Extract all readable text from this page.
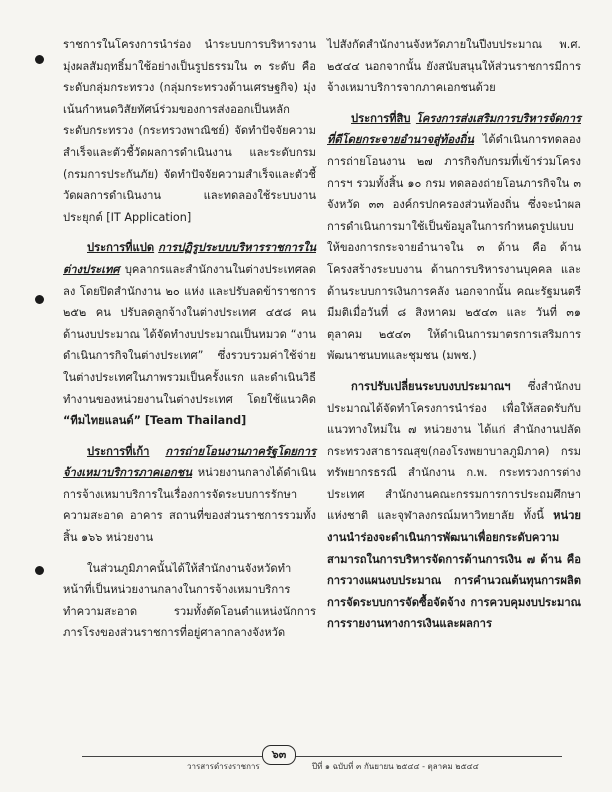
ราชการในโครงการนำร่อง นำระบบการบริหารงานมุ่งผลสัมฤทธิ์มาใช้อย่างเป็นรูปธรรมใน ๓ ระดับ คือ ระดับกลุ่มกระทรวง (กลุ่มกระทรวงด้านเศรษฐกิจ) มุ่งเน้นกำหนดวิสัยทัศน์ร่วมของการส่งออกเป็นหลัก ระดับกระทรวง (กระทรวงพาณิชย์) จัดทำปัจจัยความสำเร็จและตัวชี้วัดผลการดำเนินงาน และระดับกรม (กรมการประกันภัย) จัดทำปัจจัยความสำเร็จและตัวชี้วัดผลการดำเนินงาน และทดลองใช้ระบบงานประยุกต์ [IT Application]

ประการที่แปด การปฏิรูประบบบริหารราชการในต่างประเทศ บุคลากรและสำนักงานในต่างประเทศลดลง โดยปิดสำนักงาน ๒๐ แห่ง และปรับลดข้าราชการ ๒๕๒ คน ปรับลดลูกจ้างในต่างประเทศ ๔๕๘ คน ด้านงบประมาณ ได้จัดทำงบประมาณเป็นหมวด “งานดำเนินการกิจในต่างประเทศ” ซึ่งรวบรวมค่าใช้จ่ายในต่างประเทศในภาพรวมเป็นครั้งแรก และดำเนินวิธีทำงานของหน่วยงานในต่างประเทศ โดยใช้แนวคิด “ทีมไทยแลนด์” [Team Thailand]

ประการที่เก้า การถ่ายโอนงานภาครัฐโดยการจ้างเหมาบริการภาคเอกชน หน่วยงานกลางได้ดำเนินการจ้างเหมาบริการในเรื่องการจัดระบบการรักษาความสะอาด อาคาร สถานที่ของส่วนราชการรวมทั้งสิ้น ๑๖๖ หน่วยงาน

ในส่วนภูมิภาคนั้นได้ให้สำนักงานจังหวัดทำหน้าที่เป็นหน่วยงานกลางในการจ้างเหมาบริการทำความสะอาด รวมทั้งตัดโอนตำแหน่งนักการภารโรงของส่วนราชการที่อยู่ศาลากลางจังหวัด

ไปสังกัดสำนักงานจังหวัดภายในปีงบประมาณ พ.ศ. ๒๕๔๔ นอกจากนั้น ยังสนับสนุนให้ส่วนราชการมีการจ้างเหมาบริการจากภาคเอกชนด้วย

ประการที่สิบ โครงการส่งเสริมการบริหารจัดการที่ดีโดยกระจายอำนาจสู่ท้องถิ่น ได้ดำเนินการทดลองการถ่ายโอนงาน ๒๗ ภารกิจกับกรมที่เข้าร่วมโครงการฯ รวมทั้งสิ้น ๑๐ กรม ทดลองถ่ายโอนภารกิจใน ๓ จังหวัด ๓๓ องค์กรปกครองส่วนท้องถิ่น ซึ่งจะนำผลการดำเนินการมาใช้เป็นข้อมูลในการกำหนดรูปแบบให้ของการกระจายอำนาจใน ๓ ด้าน คือ ด้านโครงสร้างระบบงาน ด้านการบริหารงานบุคคล และด้านระบบการเงินการคลัง นอกจากนั้น คณะรัฐมนตรีมีมติเมื่อวันที่ ๘ สิงหาคม ๒๕๔๓ และ วันที่ ๓๑ ตุลาคม ๒๕๔๓ ให้ดำเนินการมาตรการเสริมการพัฒนาชนบทและชุมชน (มพช.)

การปรับเปลี่ยนระบบงบประมาณฯ ซึ่งสำนักงบประมาณได้จัดทำโครงการนำร่อง เพื่อให้สอดรับกับแนวทางใหม่ใน ๗ หน่วยงาน ได้แก่ สำนักงานปลัดกระทรวงสาธารณสุข(กองโรงพยาบาลภูมิภาค) กรมทรัพยากรธรณี สำนักงาน ก.พ. กระทรวงการต่างประเทศ สำนักงานคณะกรรมการการประถมศึกษาแห่งชาติ และจุฬาลงกรณ์มหาวิทยาลัย ทั้งนี้ หน่วยงานนำร่องจะดำเนินการพัฒนาเพื่อยกระดับความสามารถในการบริหารจัดการด้านการเงิน ๗ ด้าน คือ การวางแผนงบประมาณ การคำนวณต้นทุนการผลิต การจัดระบบการจัดซื้อจัดจ้าง การควบคุมงบประมาณ การรายงานทางการเงินและผลการ

วารสารดำรงราชการ
๖๓
ปีที่ ๑ ฉบับที่ ๓ กันยายน ๒๕๔๔ - ตุลาคม ๒๕๔๔
